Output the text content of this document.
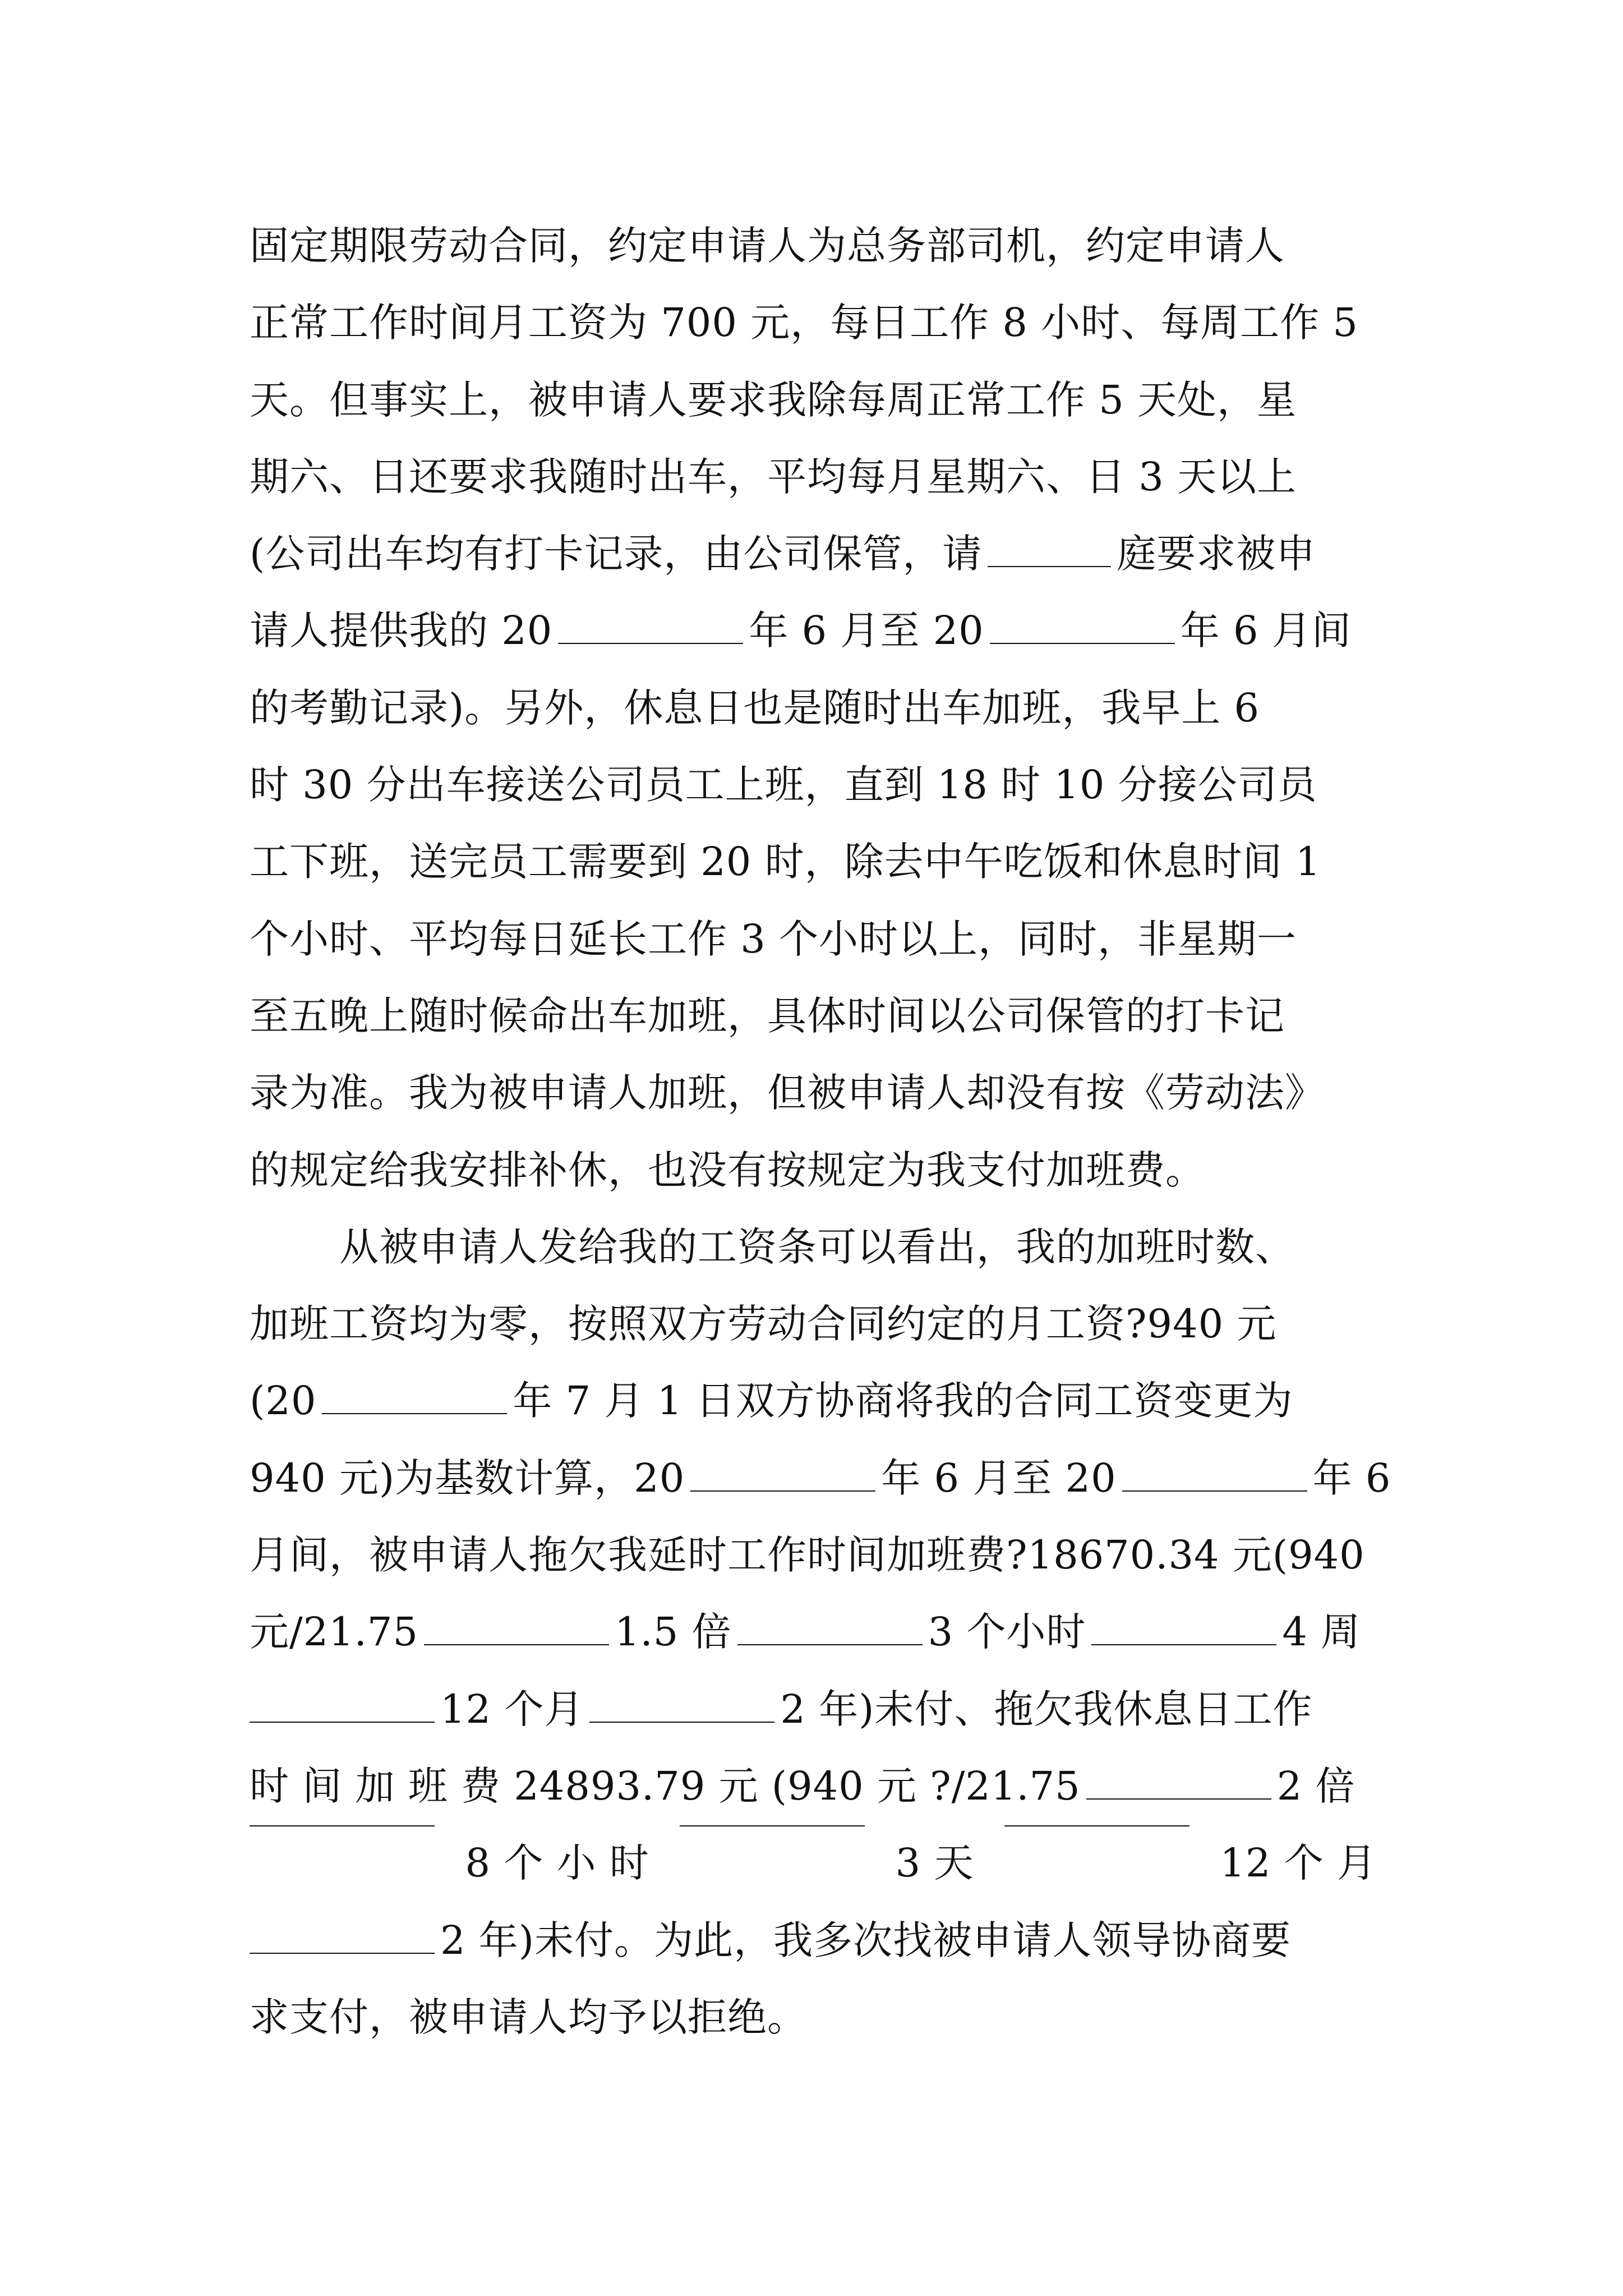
固定期限劳动合同，约定申请人为总务部司机，约定申请人
正常工作时间月工资为 700 元，每日工作 8 小时、每周工作 5
天。但事实上，被申请人要求我除每周正常工作 5 天处，星
期六、日还要求我随时出车，平均每月星期六、日 3 天以上
(公司出车均有打卡记录，由公司保管，请	庭要求被申
请人提供我的 20	年 6 月至 20	年 6 月间
的考勤记录)。另外，休息日也是随时出车加班，我早上 6
时 30 分出车接送公司员工上班，直到 18 时 10 分接公司员
工下班，送完员工需要到 20 时，除去中午吃饭和休息时间 1
个小时、平均每日延长工作 3 个小时以上，同时，非星期一
至五晚上随时候命出车加班，具体时间以公司保管的打卡记
录为准。我为被申请人加班，但被申请人却没有按《劳动法》
的规定给我安排补休，也没有按规定为我支付加班费。
从被申请人发给我的工资条可以看出，我的加班时数、
加班工资均为零，按照双方劳动合同约定的月工资?940 元
(20	年 7 月 1 日双方协商将我的合同工资变更为
940 元)为基数计算，20	年 6 月至 20	年 6
月间，被申请人拖欠我延时工作时间加班费?18670.34 元(940
元/21.75	1.5 倍	3 个小时	4 周
12 个月	2 年)未付、拖欠我休息日工作
时 间 加 班 费 24893.79 元 (940 元 ?/21.75	2 倍
8 个 小 时	3 天	12 个 月
2 年)未付。为此，我多次找被申请人领导协商要
求支付，被申请人均予以拒绝。
